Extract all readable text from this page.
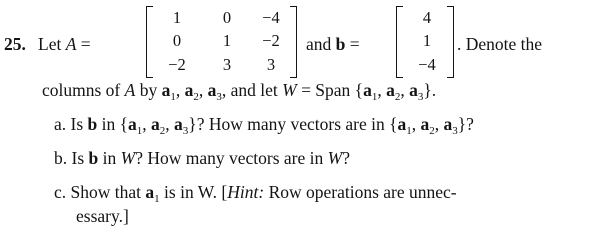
25. Let A =
1	0	−4
0	1	−2
−2	3	3
and b =
4
1
−4
. Denote the
columns of A by $a_1$, $a_2$, $a_3$, and let W = Span {$a_1$, $a_2$, $a_3$}.
a. Is b in {$a_1$, $a_2$, $a_3$}? How many vectors are in {$a_1$, $a_2$, $a_3$}?
b. Is b in W? How many vectors are in W?
c. Show that $a_1$ is in W. [Hint: Row operations are unnec-
essary.]
